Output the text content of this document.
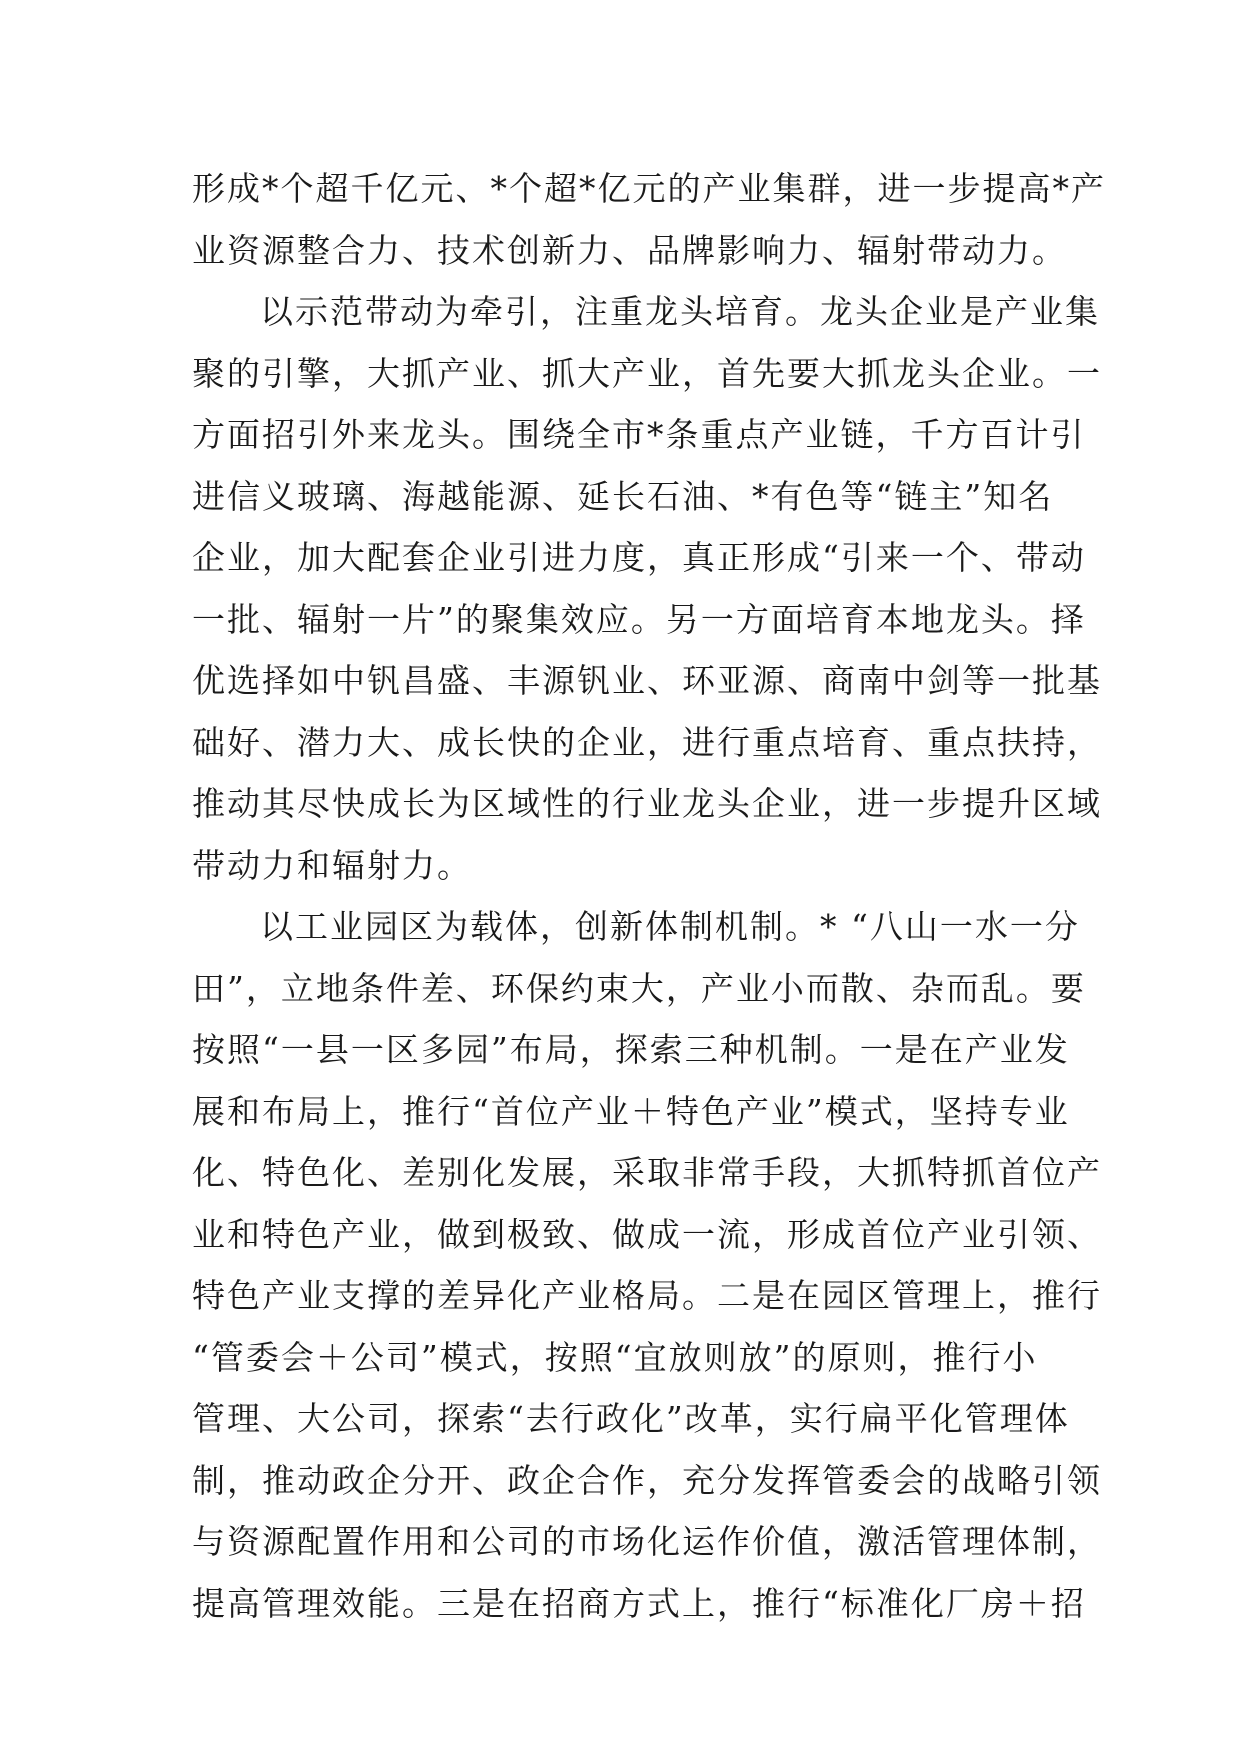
形成*个超千亿元、*个超*亿元的产业集群，进一步提高*产
业资源整合力、技术创新力、品牌影响力、辐射带动力。
以示范带动为牵引，注重龙头培育。龙头企业是产业集
聚的引擎，大抓产业、抓大产业，首先要大抓龙头企业。一
方面招引外来龙头。围绕全市*条重点产业链，千方百计引
进信义玻璃、海越能源、延长石油、*有色等“链主”知名
企业，加大配套企业引进力度，真正形成“引来一个、带动
一批、辐射一片”的聚集效应。另一方面培育本地龙头。择
优选择如中钒昌盛、丰源钒业、环亚源、商南中剑等一批基
础好、潜力大、成长快的企业，进行重点培育、重点扶持，
推动其尽快成长为区域性的行业龙头企业，进一步提升区域
带动力和辐射力。
以工业园区为载体，创新体制机制。* “八山一水一分
田”，立地条件差、环保约束大，产业小而散、杂而乱。要
按照“一县一区多园”布局，探索三种机制。一是在产业发
展和布局上，推行“首位产业＋特色产业”模式，坚持专业
化、特色化、差别化发展，采取非常手段，大抓特抓首位产
业和特色产业，做到极致、做成一流，形成首位产业引领、
特色产业支撑的差异化产业格局。二是在园区管理上，推行
“管委会＋公司”模式，按照“宜放则放”的原则，推行小
管理、大公司，探索“去行政化”改革，实行扁平化管理体
制，推动政企分开、政企合作，充分发挥管委会的战略引领
与资源配置作用和公司的市场化运作价值，激活管理体制，
提高管理效能。三是在招商方式上，推行“标准化厂房＋招
